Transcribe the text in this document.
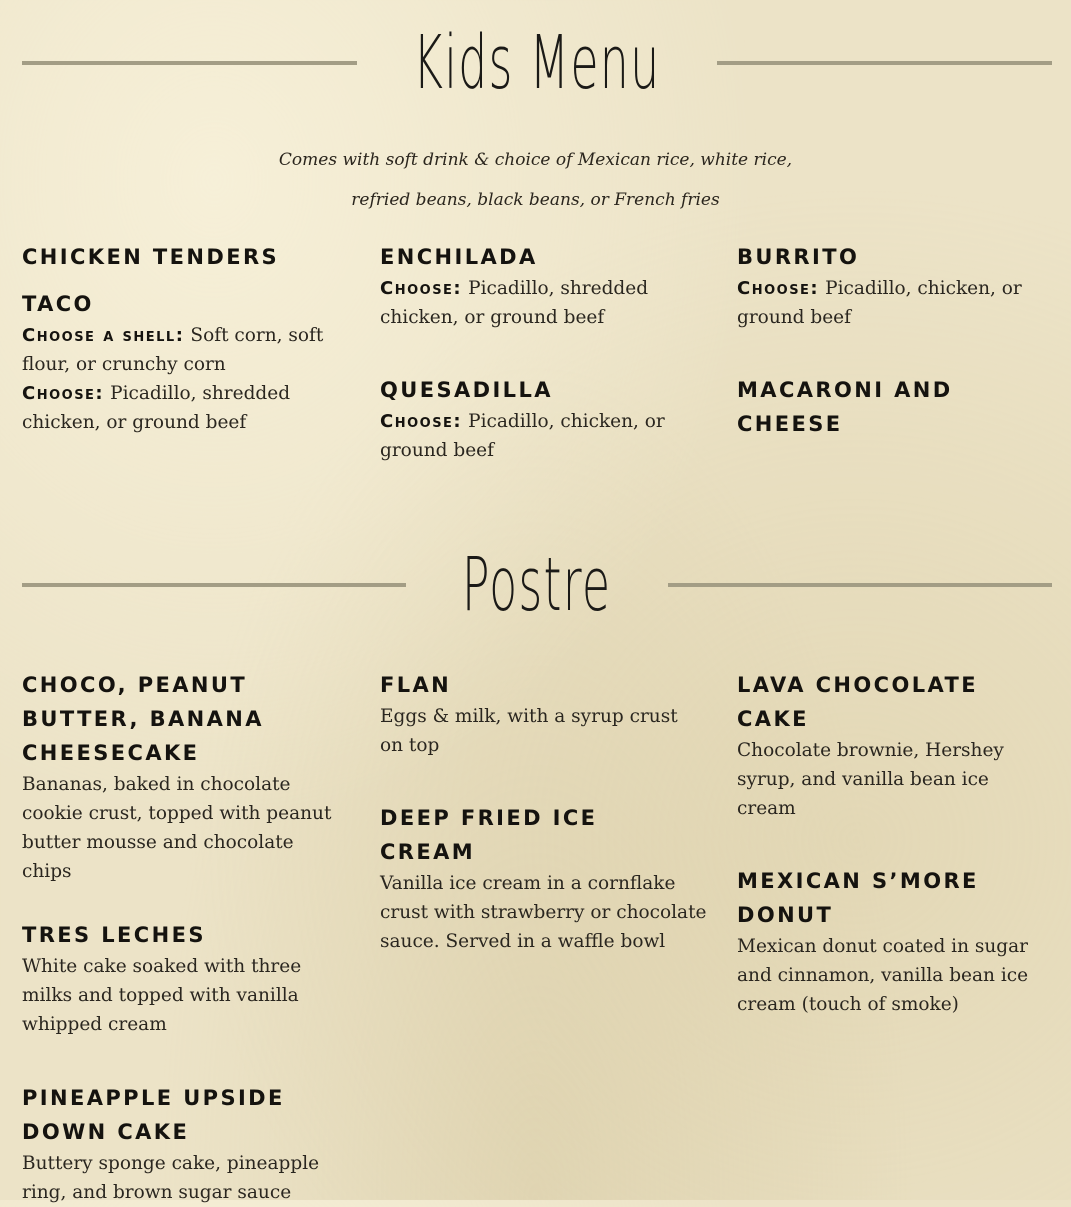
Kids Menu
Comes with soft drink & choice of Mexican rice, white rice,
refried beans, black beans, or French fries
CHICKEN TENDERS
TACO
Choose a shell: Soft corn, soft flour, or crunchy corn
Choose: Picadillo, shredded chicken, or ground beef
ENCHILADA
Choose: Picadillo, shredded chicken, or ground beef
QUESADILLA
Choose: Picadillo, chicken, or ground beef
BURRITO
Choose: Picadillo, chicken, or ground beef
MACARONI AND CHEESE
Postre
CHOCO, PEANUT BUTTER, BANANA CHEESECAKE
Bananas, baked in chocolate cookie crust, topped with peanut butter mousse and chocolate chips
TRES LECHES
White cake soaked with three milks and topped with vanilla whipped cream
PINEAPPLE UPSIDE DOWN CAKE
Buttery sponge cake, pineapple ring, and brown sugar sauce
FLAN
Eggs & milk, with a syrup crust on top
DEEP FRIED ICE CREAM
Vanilla ice cream in a cornflake crust with strawberry or chocolate sauce. Served in a waffle bowl
LAVA CHOCOLATE CAKE
Chocolate brownie, Hershey syrup, and vanilla bean ice cream
MEXICAN S’MORE DONUT
Mexican donut coated in sugar and cinnamon, vanilla bean ice cream (touch of smoke)
